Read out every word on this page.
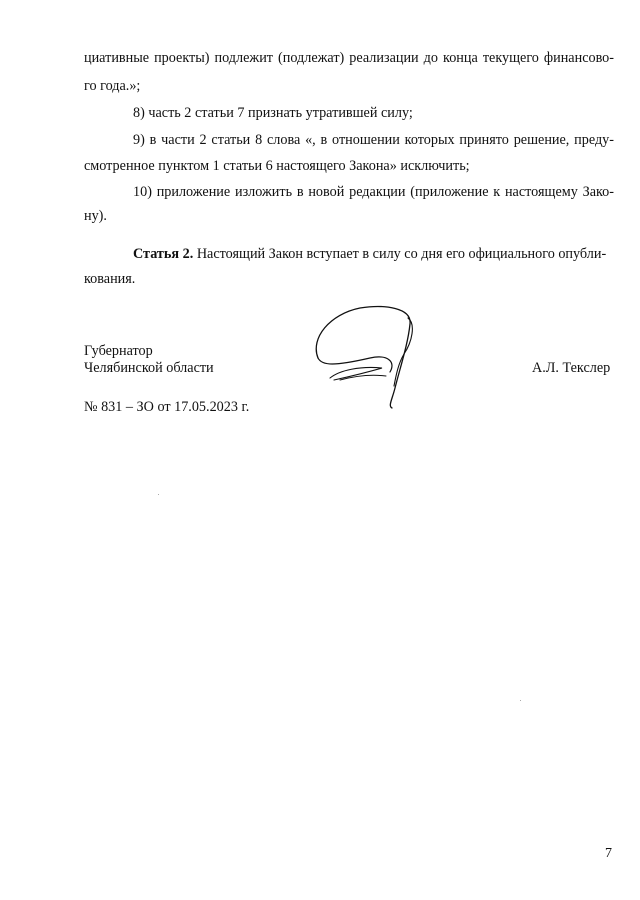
циативные проекты) подлежит (подлежат) реализации до конца текущего финансово-
го года.»;
8) часть 2 статьи 7 признать утратившей силу;
9) в части 2 статьи 8 слова «, в отношении которых принято решение, преду-
смотренное пунктом 1 статьи 6 настоящего Закона» исключить;
10) приложение изложить в новой редакции (приложение к настоящему Зако-
ну).
Статья 2. Настоящий Закон вступает в силу со дня его официального опубли-
кования.
Губернатор
Челябинской области	А.Л. Текслер
№ 831 – ЗО от 17.05.2023 г.
7
